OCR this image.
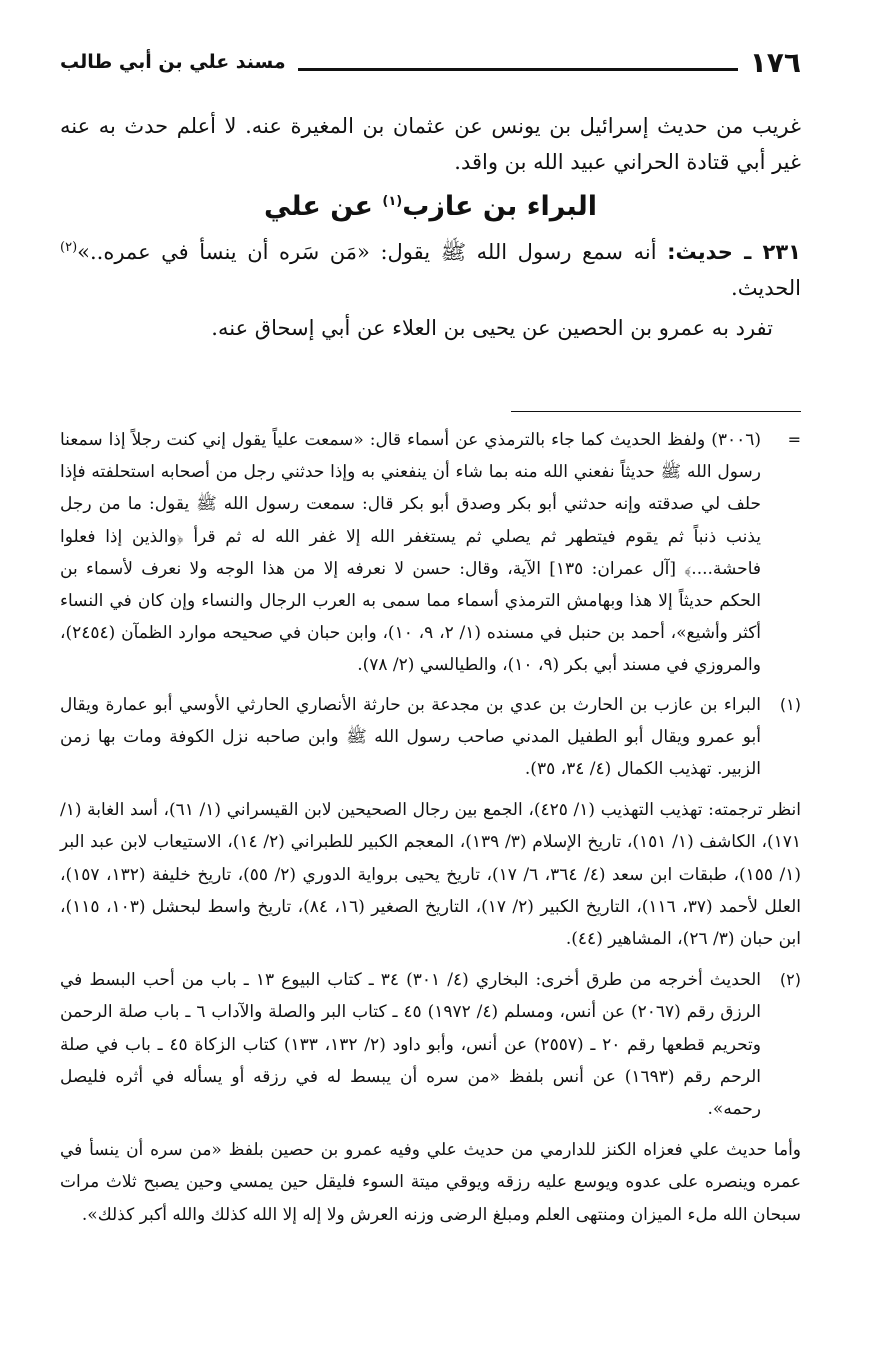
١٧٦
مسند علي بن أبي طالب

غريب من حديث إسرائيل بن يونس عن عثمان بن المغيرة عنه. لا أعلم حدث به عنه غير أبي قتادة الحراني عبيد الله بن واقد.

البراء بن عازب$^{(١)}$ عن علي

٢٣١ ـ حديث: أنه سمع رسول الله ﷺ يقول: «مَن سَره أن ينسأ في عمره..»$^{(٢)}$ الحديث.

تفرد به عمرو بن الحصين عن يحيى بن العلاء عن أبي إسحاق عنه.

=

(٣٠٠٦) ولفظ الحديث كما جاء بالترمذي عن أسماء قال: «سمعت علياً يقول إني كنت رجلاً إذا سمعنا رسول الله ﷺ حديثاً نفعني الله منه بما شاء أن ينفعني به وإذا حدثني رجل من أصحابه استحلفته فإذا حلف لي صدقته وإنه حدثني أبو بكر وصدق أبو بكر قال: سمعت رسول الله ﷺ يقول: ما من رجل يذنب ذنباً ثم يقوم فيتطهر ثم يصلي ثم يستغفر الله إلا غفر الله له ثم قرأ ﴿والذين إذا فعلوا فاحشة....﴾ [آل عمران: ١٣٥] الآية، وقال: حسن لا نعرفه إلا من هذا الوجه ولا نعرف لأسماء بن الحكم حديثاً إلا هذا وبهامش الترمذي أسماء مما سمى به العرب الرجال والنساء وإن كان في النساء أكثر وأشيع»، أحمد بن حنبل في مسنده (١/ ٢، ٩، ١٠)، وابن حبان في صحيحه موارد الظمآن (٢٤٥٤)، والمروزي في مسند أبي بكر (٩، ١٠)، والطيالسي (٢/ ٧٨).

(١)

البراء بن عازب بن الحارث بن عدي بن مجدعة بن حارثة الأنصاري الحارثي الأوسي أبو عمارة ويقال أبو عمرو ويقال أبو الطفيل المدني صاحب رسول الله ﷺ وابن صاحبه نزل الكوفة ومات بها زمن الزبير. تهذيب الكمال (٤/ ٣٤، ٣٥).

انظر ترجمته: تهذيب التهذيب (١/ ٤٢٥)، الجمع بين رجال الصحيحين لابن القيسراني (١/ ٦١)، أسد الغابة (١/ ١٧١)، الكاشف (١/ ١٥١)، تاريخ الإسلام (٣/ ١٣٩)، المعجم الكبير للطبراني (٢/ ١٤)، الاستيعاب لابن عبد البر (١/ ١٥٥)، طبقات ابن سعد (٤/ ٣٦٤، ٦/ ١٧)، تاريخ يحيى برواية الدوري (٢/ ٥٥)، تاريخ خليفة (١٣٢، ١٥٧)، العلل لأحمد (٣٧، ١١٦)، التاريخ الكبير (٢/ ١٧)، التاريخ الصغير (١٦، ٨٤)، تاريخ واسط لبحشل (١٠٣، ١١٥)، ابن حبان (٣/ ٢٦)، المشاهير (٤٤).

(٢)

الحديث أخرجه من طرق أخرى: البخاري (٤/ ٣٠١) ٣٤ ـ كتاب البيوع ١٣ ـ باب من أحب البسط في الرزق رقم (٢٠٦٧) عن أنس، ومسلم (٤/ ١٩٧٢) ٤٥ ـ كتاب البر والصلة والآداب ٦ ـ باب صلة الرحمن وتحريم قطعها رقم ٢٠ ـ (٢٥٥٧) عن أنس، وأبو داود (٢/ ١٣٢، ١٣٣) كتاب الزكاة ٤٥ ـ باب في صلة الرحم رقم (١٦٩٣) عن أنس بلفظ «من سره أن يبسط له في رزقه أو يسأله في أثره فليصل رحمه».

وأما حديث علي فعزاه الكنز للدارمي من حديث علي وفيه عمرو بن حصين بلفظ «من سره أن ينسأ في عمره وينصره على عدوه ويوسع عليه رزقه ويوقي ميتة السوء فليقل حين يمسي وحين يصبح ثلاث مرات سبحان الله ملء الميزان ومنتهى العلم ومبلغ الرضى وزنه العرش ولا إله إلا الله كذلك والله أكبر كذلك».
